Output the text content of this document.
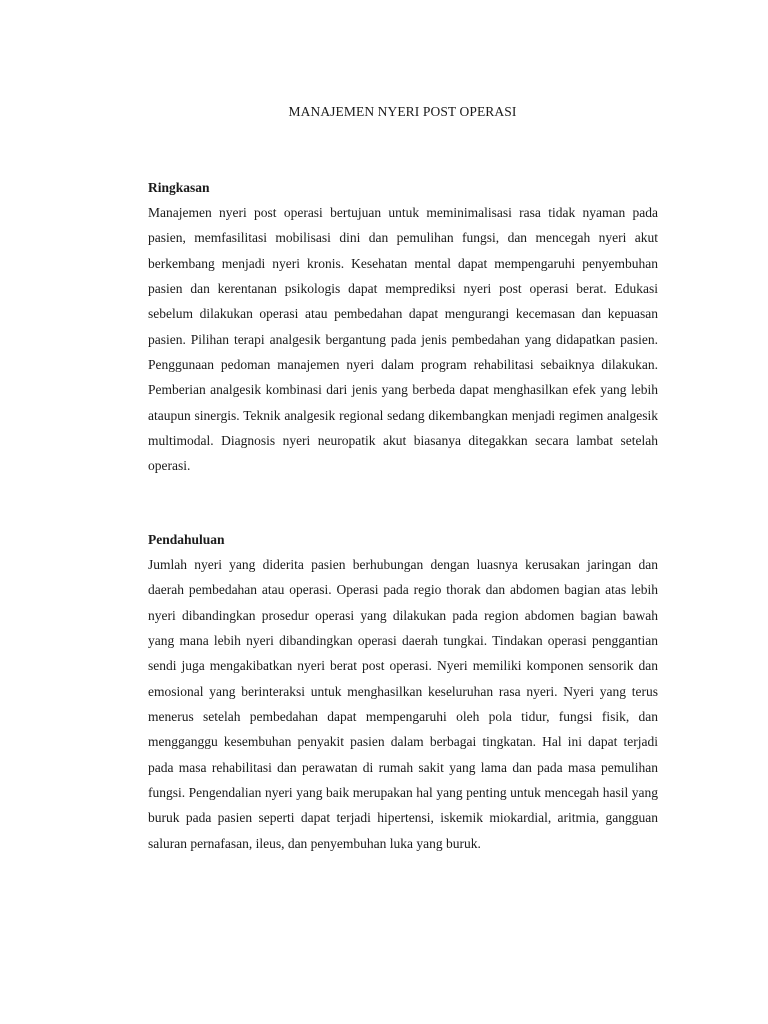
MANAJEMEN NYERI POST OPERASI
Ringkasan

Manajemen nyeri post operasi bertujuan untuk meminimalisasi rasa tidak nyaman pada pasien, memfasilitasi mobilisasi dini dan pemulihan fungsi, dan mencegah nyeri akut berkembang menjadi nyeri kronis. Kesehatan mental dapat mempengaruhi penyembuhan pasien dan kerentanan psikologis dapat memprediksi nyeri post operasi berat. Edukasi sebelum dilakukan operasi atau pembedahan dapat mengurangi kecemasan dan kepuasan pasien. Pilihan terapi analgesik bergantung pada jenis pembedahan yang didapatkan pasien. Penggunaan pedoman manajemen nyeri dalam program rehabilitasi sebaiknya dilakukan. Pemberian analgesik kombinasi dari jenis yang berbeda dapat menghasilkan efek yang lebih ataupun sinergis. Teknik analgesik regional sedang dikembangkan menjadi regimen analgesik multimodal. Diagnosis nyeri neuropatik akut biasanya ditegakkan secara lambat setelah operasi.

Pendahuluan

Jumlah nyeri yang diderita pasien berhubungan dengan luasnya kerusakan jaringan dan daerah pembedahan atau operasi. Operasi pada regio thorak dan abdomen bagian atas lebih nyeri dibandingkan prosedur operasi yang dilakukan pada region abdomen bagian bawah yang mana lebih nyeri dibandingkan operasi daerah tungkai. Tindakan operasi penggantian sendi juga mengakibatkan nyeri berat post operasi. Nyeri memiliki komponen sensorik dan emosional yang berinteraksi untuk menghasilkan keseluruhan rasa nyeri. Nyeri yang terus menerus setelah pembedahan dapat mempengaruhi oleh pola tidur, fungsi fisik, dan mengganggu kesembuhan penyakit pasien dalam berbagai tingkatan. Hal ini dapat terjadi pada masa rehabilitasi dan perawatan di rumah sakit yang lama dan pada masa pemulihan fungsi. Pengendalian nyeri yang baik merupakan hal yang penting untuk mencegah hasil yang buruk pada pasien seperti dapat terjadi hipertensi, iskemik miokardial, aritmia, gangguan saluran pernafasan, ileus, dan penyembuhan luka yang buruk.
